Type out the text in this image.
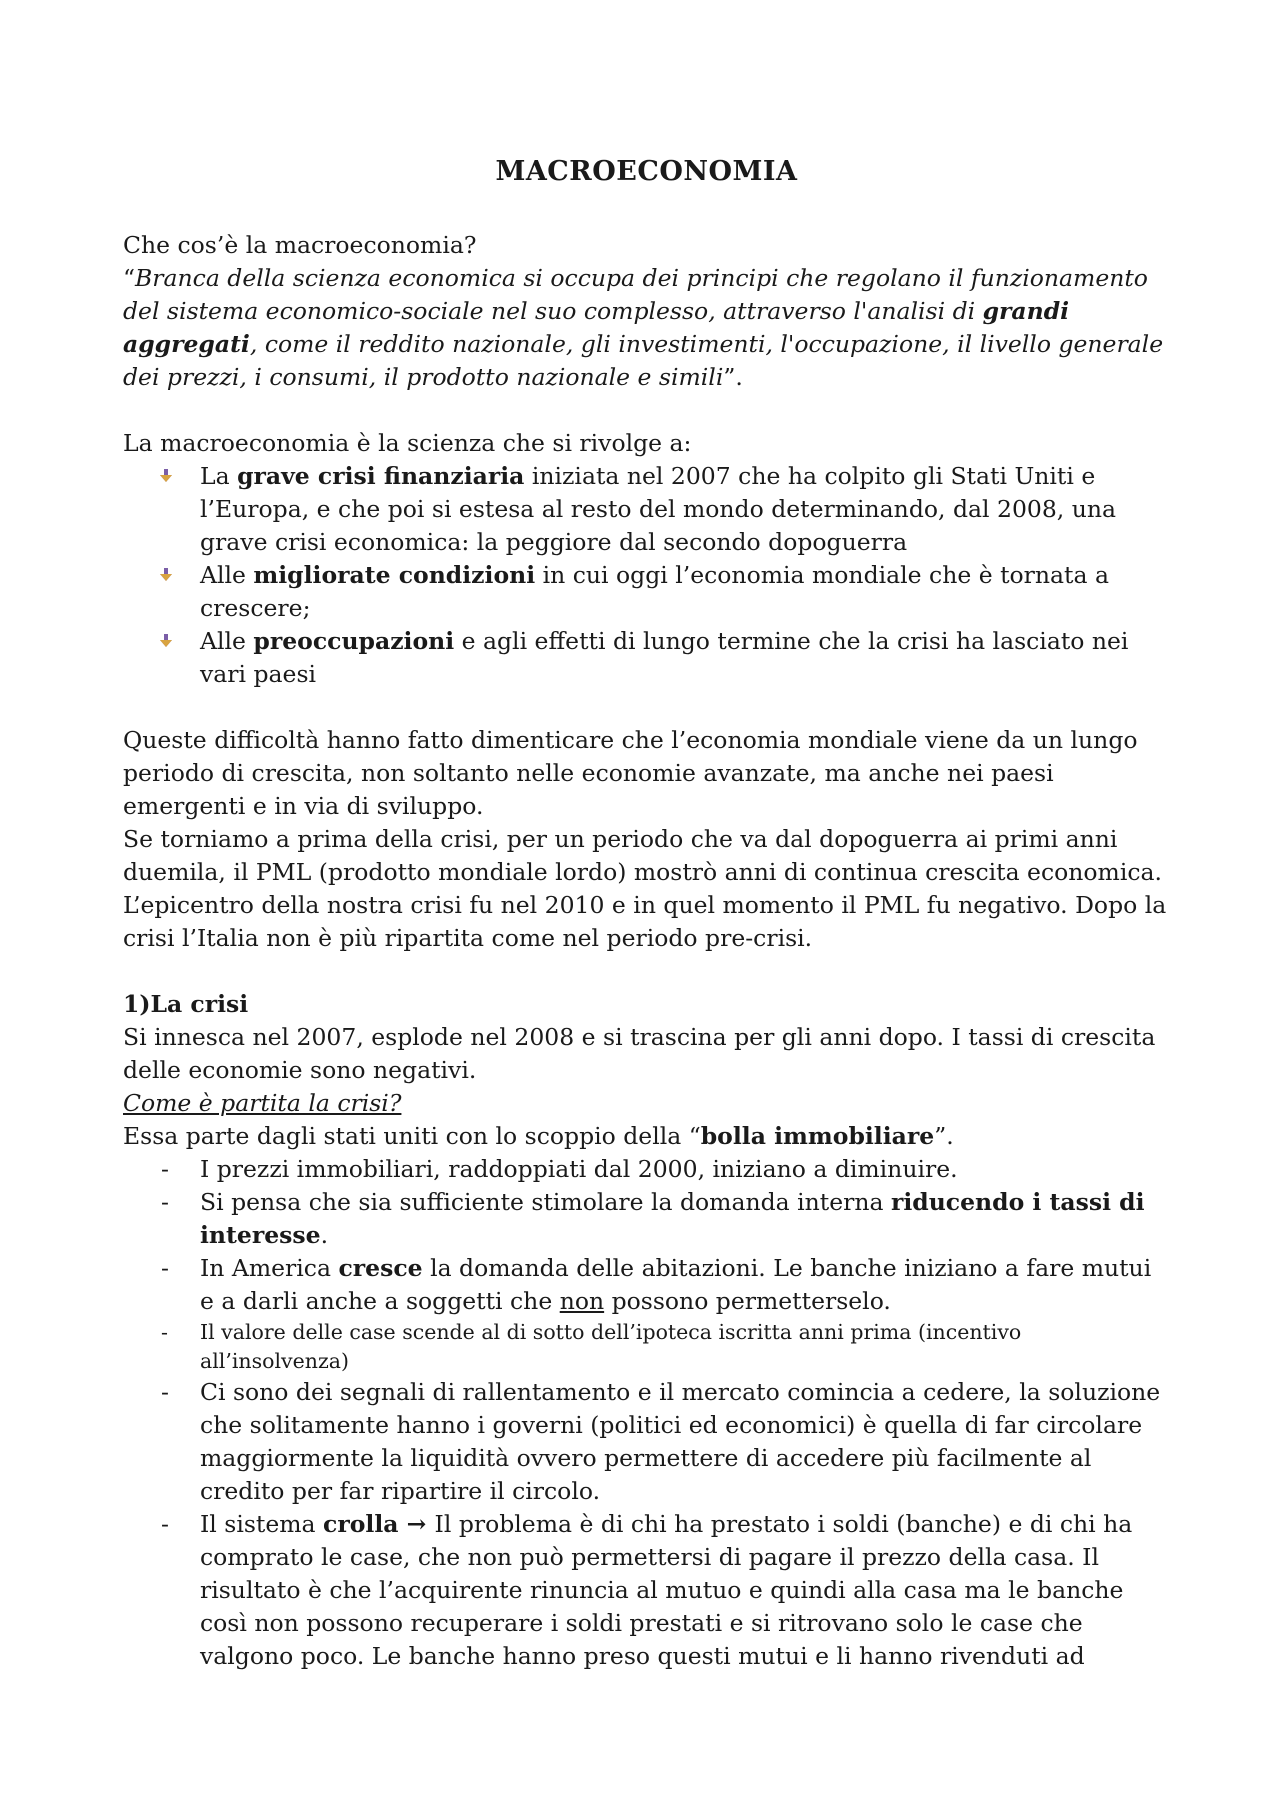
MACROECONOMIA

Che cos’è la macroeconomia?

“Branca della scienza economica si occupa dei principi che regolano il funzionamento del sistema economico-sociale nel suo complesso, attraverso l'analisi di grandi aggregati, come il reddito nazionale, gli investimenti, l'occupazione, il livello generale dei prezzi, i consumi, il prodotto nazionale e simili”.

La macroeconomia è la scienza che si rivolge a:

La grave crisi finanziaria iniziata nel 2007 che ha colpito gli Stati Uniti e l’Europa, e che poi si estesa al resto del mondo determinando, dal 2008, una grave crisi economica: la peggiore dal secondo dopoguerra
Alle migliorate condizioni in cui oggi l’economia mondiale che è tornata a crescere;
Alle preoccupazioni e agli effetti di lungo termine che la crisi ha lasciato nei vari paesi

Queste difficoltà hanno fatto dimenticare che l’economia mondiale viene da un lungo periodo di crescita, non soltanto nelle economie avanzate, ma anche nei paesi emergenti e in via di sviluppo.

Se torniamo a prima della crisi, per un periodo che va dal dopoguerra ai primi anni duemila, il PML (prodotto mondiale lordo) mostrò anni di continua crescita economica. L’epicentro della nostra crisi fu nel 2010 e in quel momento il PML fu negativo. Dopo la crisi l’Italia non è più ripartita come nel periodo pre-crisi.

1)La crisi

Si innesca nel 2007, esplode nel 2008 e si trascina per gli anni dopo. I tassi di crescita delle economie sono negativi.

Come è partita la crisi?

Essa parte dagli stati uniti con lo scoppio della “bolla immobiliare”.

- I prezzi immobiliari, raddoppiati dal 2000, iniziano a diminuire.
- Si pensa che sia sufficiente stimolare la domanda interna riducendo i tassi di interesse.
- In America cresce la domanda delle abitazioni. Le banche iniziano a fare mutui e a darli anche a soggetti che non possono permetterselo.
- Il valore delle case scende al di sotto dell’ipoteca iscritta anni prima (incentivo all’insolvenza)
- Ci sono dei segnali di rallentamento e il mercato comincia a cedere, la soluzione che solitamente hanno i governi (politici ed economici) è quella di far circolare maggiormente la liquidità ovvero permettere di accedere più facilmente al credito per far ripartire il circolo.
- Il sistema crolla → Il problema è di chi ha prestato i soldi (banche) e di chi ha comprato le case, che non può permettersi di pagare il prezzo della casa. Il risultato è che l’acquirente rinuncia al mutuo e quindi alla casa ma le banche così non possono recuperare i soldi prestati e si ritrovano solo le case che valgono poco. Le banche hanno preso questi mutui e li hanno rivenduti ad
